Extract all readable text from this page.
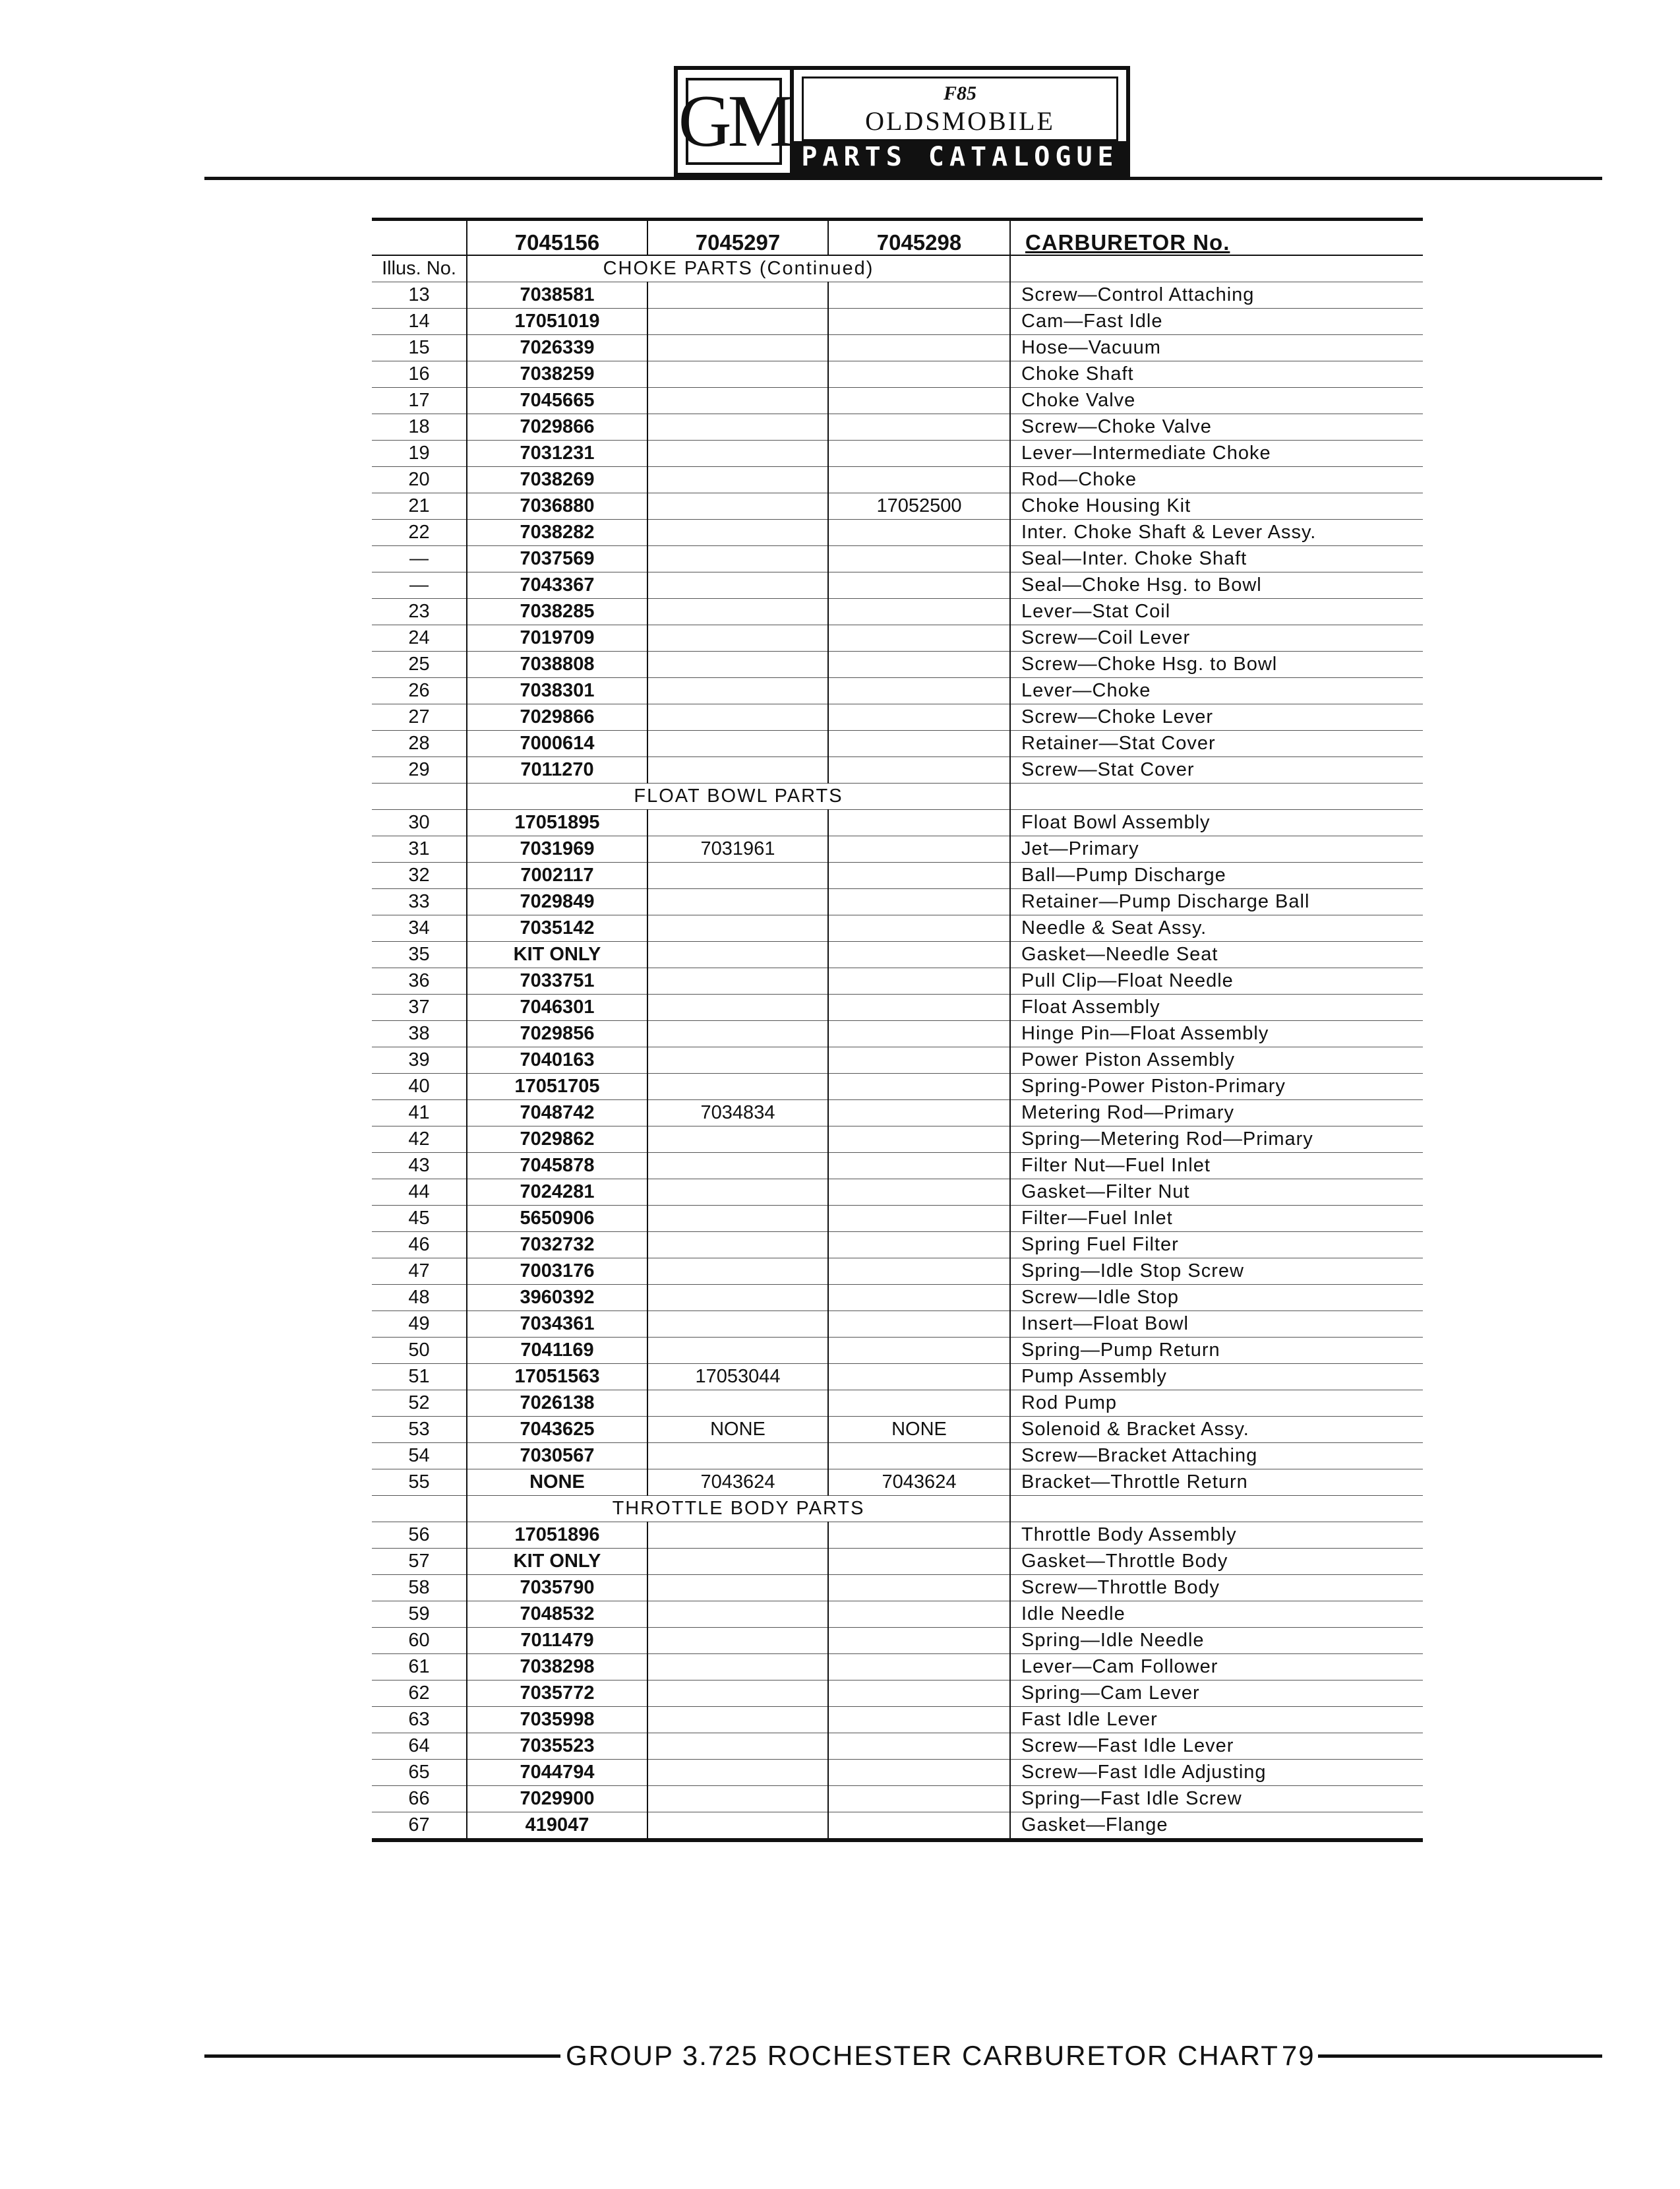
GM	F85
OLDSMOBILE
PARTS CATALOGUE
	7045156	7045297	7045298	CARBURETOR No.
Illus. No.	CHOKE PARTS (Continued)			
13	7038581			Screw—Control Attaching
14	17051019			Cam—Fast Idle
15	7026339			Hose—Vacuum
16	7038259			Choke Shaft
17	7045665			Choke Valve
18	7029866			Screw—Choke Valve
19	7031231			Lever—Intermediate Choke
20	7038269			Rod—Choke
21	7036880		17052500	Choke Housing Kit
22	7038282			Inter. Choke Shaft & Lever Assy.
—	7037569			Seal—Inter. Choke Shaft
—	7043367			Seal—Choke Hsg. to Bowl
23	7038285			Lever—Stat Coil
24	7019709			Screw—Coil Lever
25	7038808			Screw—Choke Hsg. to Bowl
26	7038301			Lever—Choke
27	7029866			Screw—Choke Lever
28	7000614			Retainer—Stat Cover
29	7011270			Screw—Stat Cover
	FLOAT BOWL PARTS			
30	17051895			Float Bowl Assembly
31	7031969	7031961		Jet—Primary
32	7002117			Ball—Pump Discharge
33	7029849			Retainer—Pump Discharge Ball
34	7035142			Needle & Seat Assy.
35	KIT ONLY			Gasket—Needle Seat
36	7033751			Pull Clip—Float Needle
37	7046301			Float Assembly
38	7029856			Hinge Pin—Float Assembly
39	7040163			Power Piston Assembly
40	17051705			Spring-Power Piston-Primary
41	7048742	7034834		Metering Rod—Primary
42	7029862			Spring—Metering Rod—Primary
43	7045878			Filter Nut—Fuel Inlet
44	7024281			Gasket—Filter Nut
45	5650906			Filter—Fuel Inlet
46	7032732			Spring Fuel Filter
47	7003176			Spring—Idle Stop Screw
48	3960392			Screw—Idle Stop
49	7034361			Insert—Float Bowl
50	7041169			Spring—Pump Return
51	17051563	17053044		Pump Assembly
52	7026138			Rod Pump
53	7043625	NONE	NONE	Solenoid & Bracket Assy.
54	7030567			Screw—Bracket Attaching
55	NONE	7043624	7043624	Bracket—Throttle Return
	THROTTLE BODY PARTS			
56	17051896			Throttle Body Assembly
57	KIT ONLY			Gasket—Throttle Body
58	7035790			Screw—Throttle Body
59	7048532			Idle Needle
60	7011479			Spring—Idle Needle
61	7038298			Lever—Cam Follower
62	7035772			Spring—Cam Lever
63	7035998			Fast Idle Lever
64	7035523			Screw—Fast Idle Lever
65	7044794			Screw—Fast Idle Adjusting
66	7029900			Spring—Fast Idle Screw
67	419047			Gasket—Flange
GROUP 3.725 ROCHESTER CARBURETOR CHART 79
